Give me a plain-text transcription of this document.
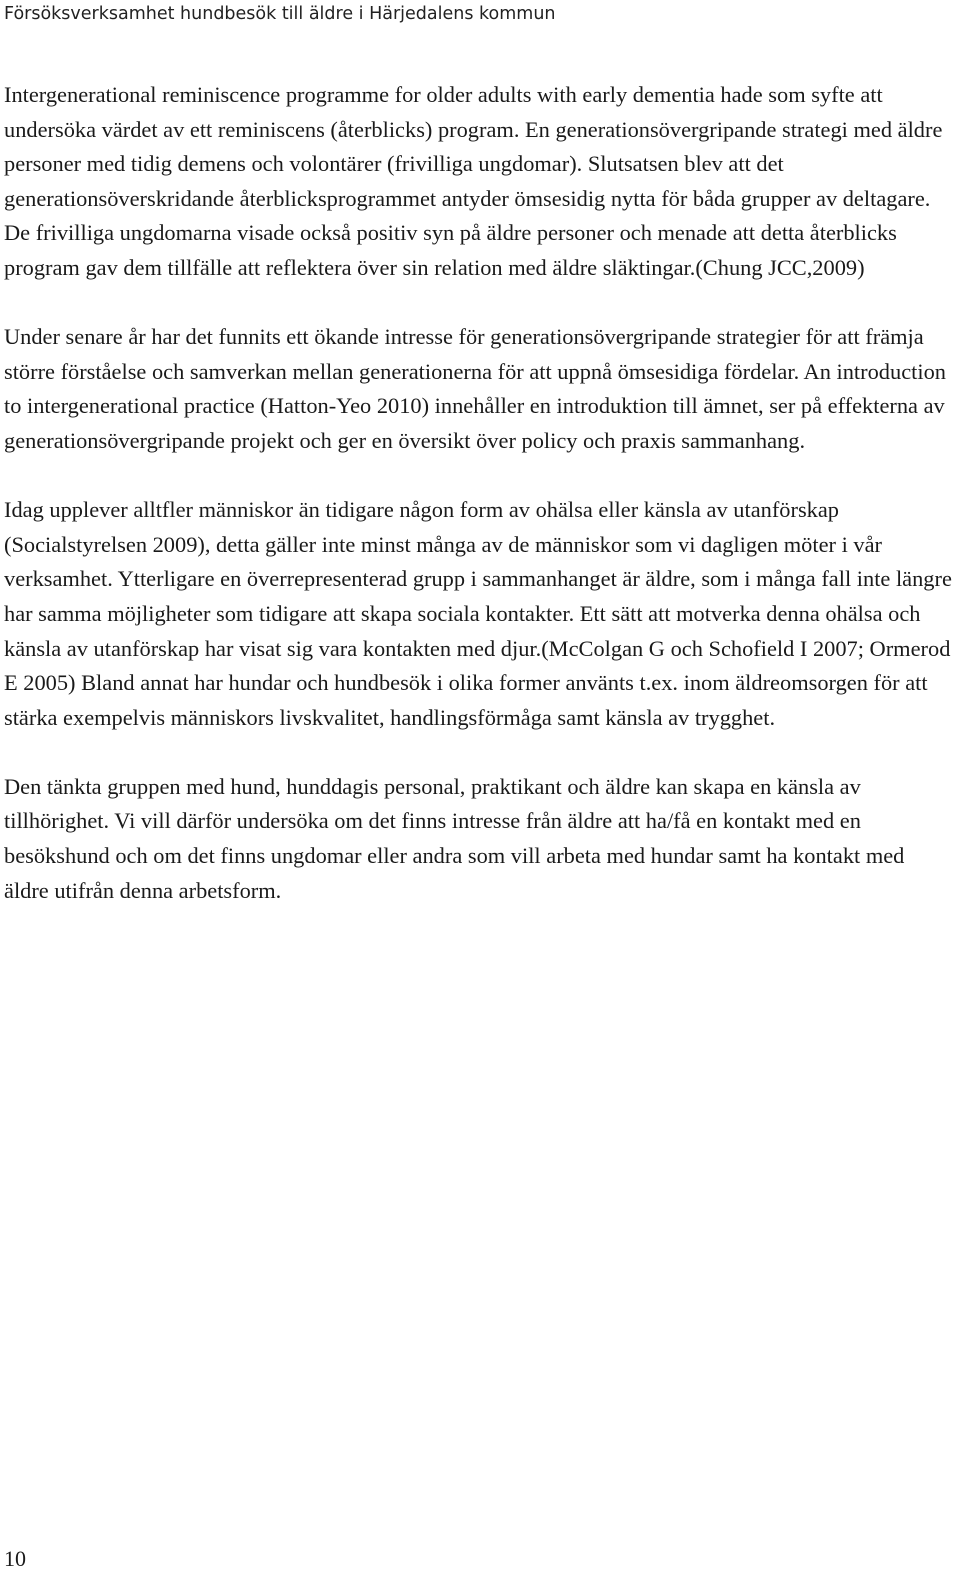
Försöksverksamhet hundbesök till äldre i Härjedalens kommun

Intergenerational reminiscence programme for older adults with early dementia hade som syfte att undersöka värdet av ett reminiscens (återblicks) program. En generationsövergripande strategi med äldre personer med tidig demens och volontärer (frivilliga ungdomar). Slutsatsen blev att det generationsöverskridande återblicksprogrammet antyder ömsesidig nytta för båda grupper av deltagare. De frivilliga ungdomarna visade också positiv syn på äldre personer och menade att detta återblicks program gav dem tillfälle att reflektera över sin relation med äldre släktingar.(Chung JCC,2009)

Under senare år har det funnits ett ökande intresse för generationsövergripande strategier för att främja större förståelse och samverkan mellan generationerna för att uppnå ömsesidiga fördelar. An introduction to intergenerational practice (Hatton-Yeo 2010) innehåller en introduktion till ämnet, ser på effekterna av generationsövergripande projekt och ger en översikt över policy och praxis sammanhang.

Idag upplever alltfler människor än tidigare någon form av ohälsa eller känsla av utanförskap (Socialstyrelsen 2009), detta gäller inte minst många av de människor som vi dagligen möter i vår verksamhet. Ytterligare en överrepresenterad grupp i sammanhanget är äldre, som i många fall inte längre har samma möjligheter som tidigare att skapa sociala kontakter. Ett sätt att motverka denna ohälsa och känsla av utanförskap har visat sig vara kontakten med djur.(McColgan G och Schofield I 2007; Ormerod E 2005) Bland annat har hundar och hundbesök i olika former använts t.ex. inom äldreomsorgen för att stärka exempelvis människors livskvalitet, handlingsförmåga samt känsla av trygghet.

Den tänkta gruppen med hund, hunddagis personal, praktikant och äldre kan skapa en känsla av tillhörighet. Vi vill därför undersöka om det finns intresse från äldre att ha/få en kontakt med en besökshund och om det finns ungdomar eller andra som vill arbeta med hundar samt ha kontakt med äldre utifrån denna arbetsform.

10
